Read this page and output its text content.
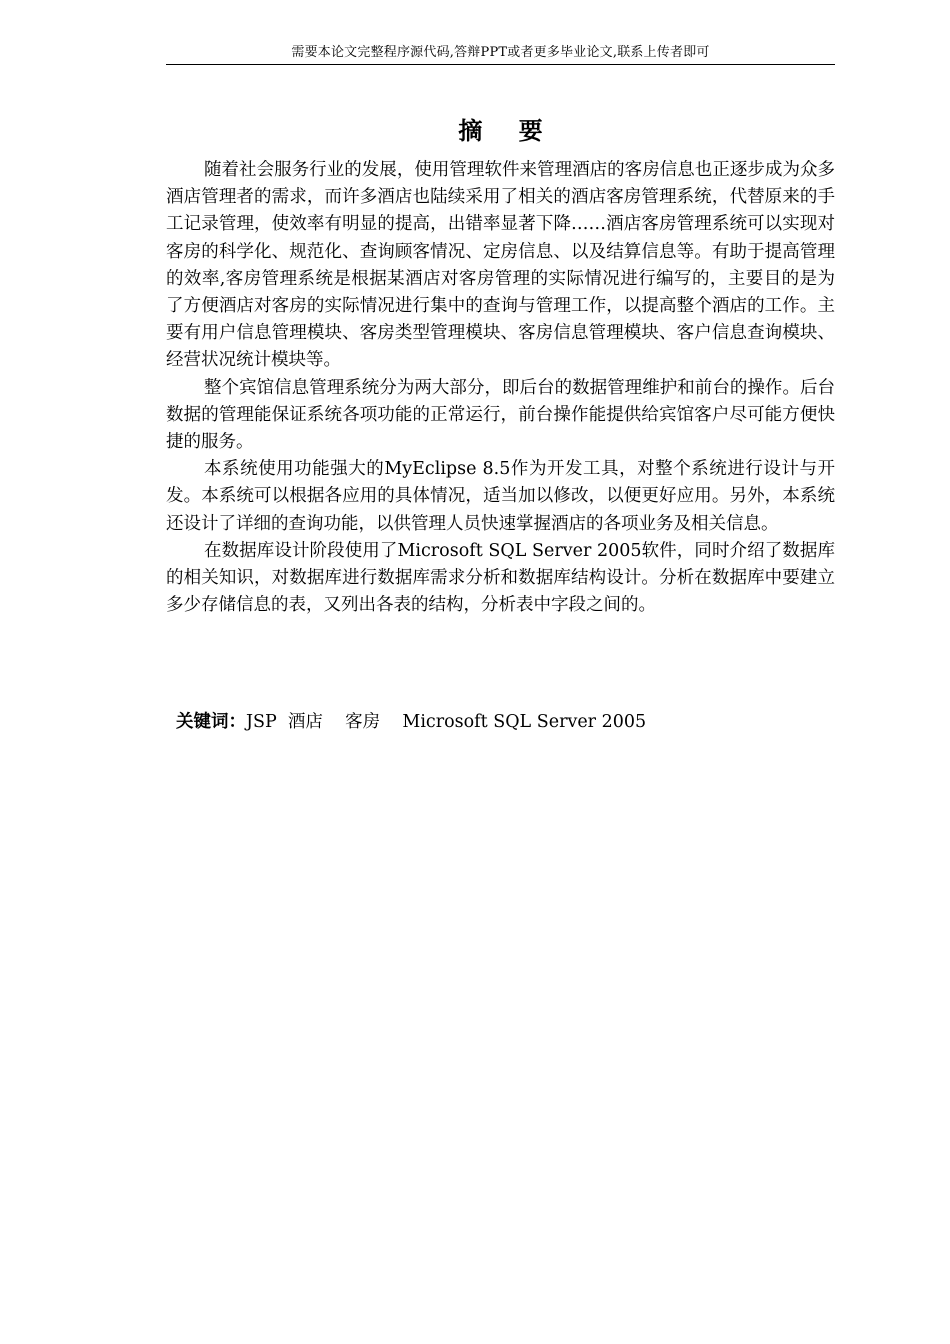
需要本论文完整程序源代码,答辩PPT或者更多毕业论文,联系上传者即可
摘 要

随着社会服务行业的发展，使用管理软件来管理酒店的客房信息也正逐步成为众多酒店管理者的需求，而许多酒店也陆续采用了相关的酒店客房管理系统，代替原来的手工记录管理，使效率有明显的提高，出错率显著下降……酒店客房管理系统可以实现对客房的科学化、规范化、查询顾客情况、定房信息、以及结算信息等。有助于提高管理的效率,客房管理系统是根据某酒店对客房管理的实际情况进行编写的，主要目的是为了方便酒店对客房的实际情况进行集中的查询与管理工作，以提高整个酒店的工作。主要有用户信息管理模块、客房类型管理模块、客房信息管理模块、客户信息查询模块、经营状况统计模块等。

整个宾馆信息管理系统分为两大部分，即后台的数据管理维护和前台的操作。后台数据的管理能保证系统各项功能的正常运行，前台操作能提供给宾馆客户尽可能方便快捷的服务。

本系统使用功能强大的MyEclipse 8.5作为开发工具，对整个系统进行设计与开发。本系统可以根据各应用的具体情况，适当加以修改，以便更好应用。另外，本系统还设计了详细的查询功能，以供管理人员快速掌握酒店的各项业务及相关信息。

在数据库设计阶段使用了Microsoft SQL Server 2005软件，同时介绍了数据库的相关知识，对数据库进行数据库需求分析和数据库结构设计。分析在数据库中要建立多少存储信息的表，又列出各表的结构，分析表中字段之间的。

关键词：JSP  酒店    客房    Microsoft SQL Server 2005
